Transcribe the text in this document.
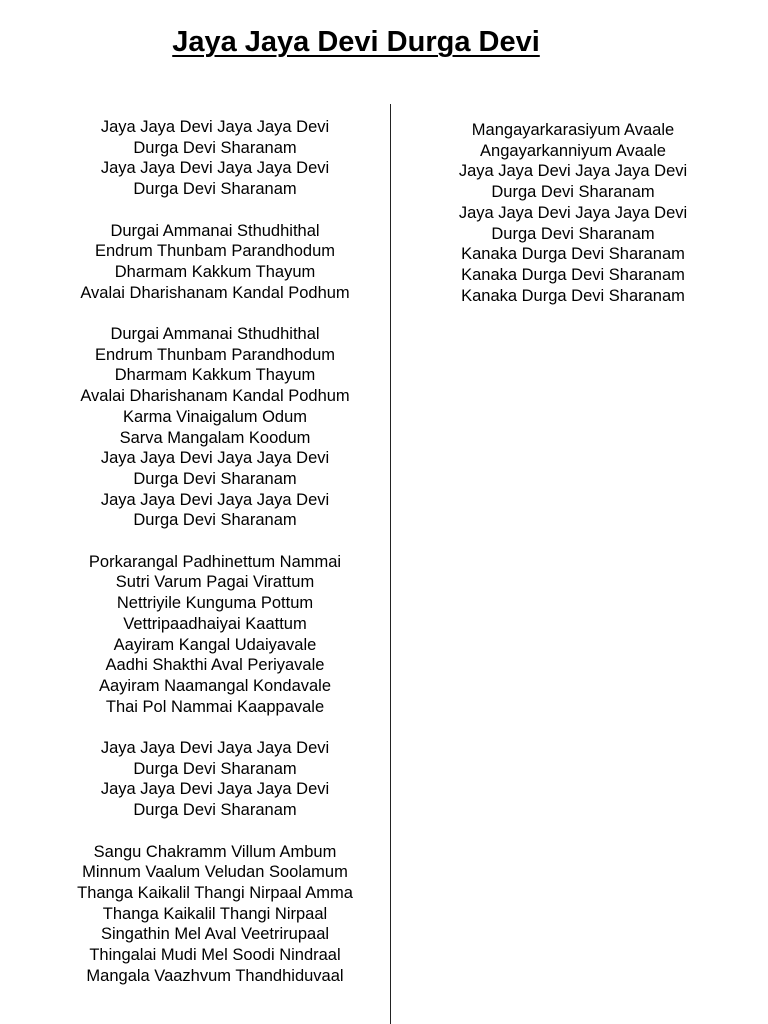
Jaya Jaya Devi Durga Devi
Jaya Jaya Devi Jaya Jaya Devi
Durga Devi Sharanam
Jaya Jaya Devi Jaya Jaya Devi
Durga Devi Sharanam
Durgai Ammanai Sthudhithal
Endrum Thunbam Parandhodum
Dharmam Kakkum Thayum
Avalai Dharishanam Kandal Podhum
Durgai Ammanai Sthudhithal
Endrum Thunbam Parandhodum
Dharmam Kakkum Thayum
Avalai Dharishanam Kandal Podhum
Karma Vinaigalum Odum
Sarva Mangalam Koodum
Jaya Jaya Devi Jaya Jaya Devi
Durga Devi Sharanam
Jaya Jaya Devi Jaya Jaya Devi
Durga Devi Sharanam
Porkarangal Padhinettum Nammai
Sutri Varum Pagai Virattum
Nettriyile Kunguma Pottum
Vettripaadhaiyai Kaattum
Aayiram Kangal Udaiyavale
Aadhi Shakthi Aval Periyavale
Aayiram Naamangal Kondavale
Thai Pol Nammai Kaappavale
Jaya Jaya Devi Jaya Jaya Devi
Durga Devi Sharanam
Jaya Jaya Devi Jaya Jaya Devi
Durga Devi Sharanam
Sangu Chakramm Villum Ambum
Minnum Vaalum Veludan Soolamum
Thanga Kaikalil Thangi Nirpaal Amma
Thanga Kaikalil Thangi Nirpaal
Singathin Mel Aval Veetrirupaal
Thingalai Mudi Mel Soodi Nindraal
Mangala Vaazhvum Thandhiduvaal
Mangayarkarasiyum Avaale
Angayarkanniyum Avaale
Jaya Jaya Devi Jaya Jaya Devi
Durga Devi Sharanam
Jaya Jaya Devi Jaya Jaya Devi
Durga Devi Sharanam
Kanaka Durga Devi Sharanam
Kanaka Durga Devi Sharanam
Kanaka Durga Devi Sharanam
